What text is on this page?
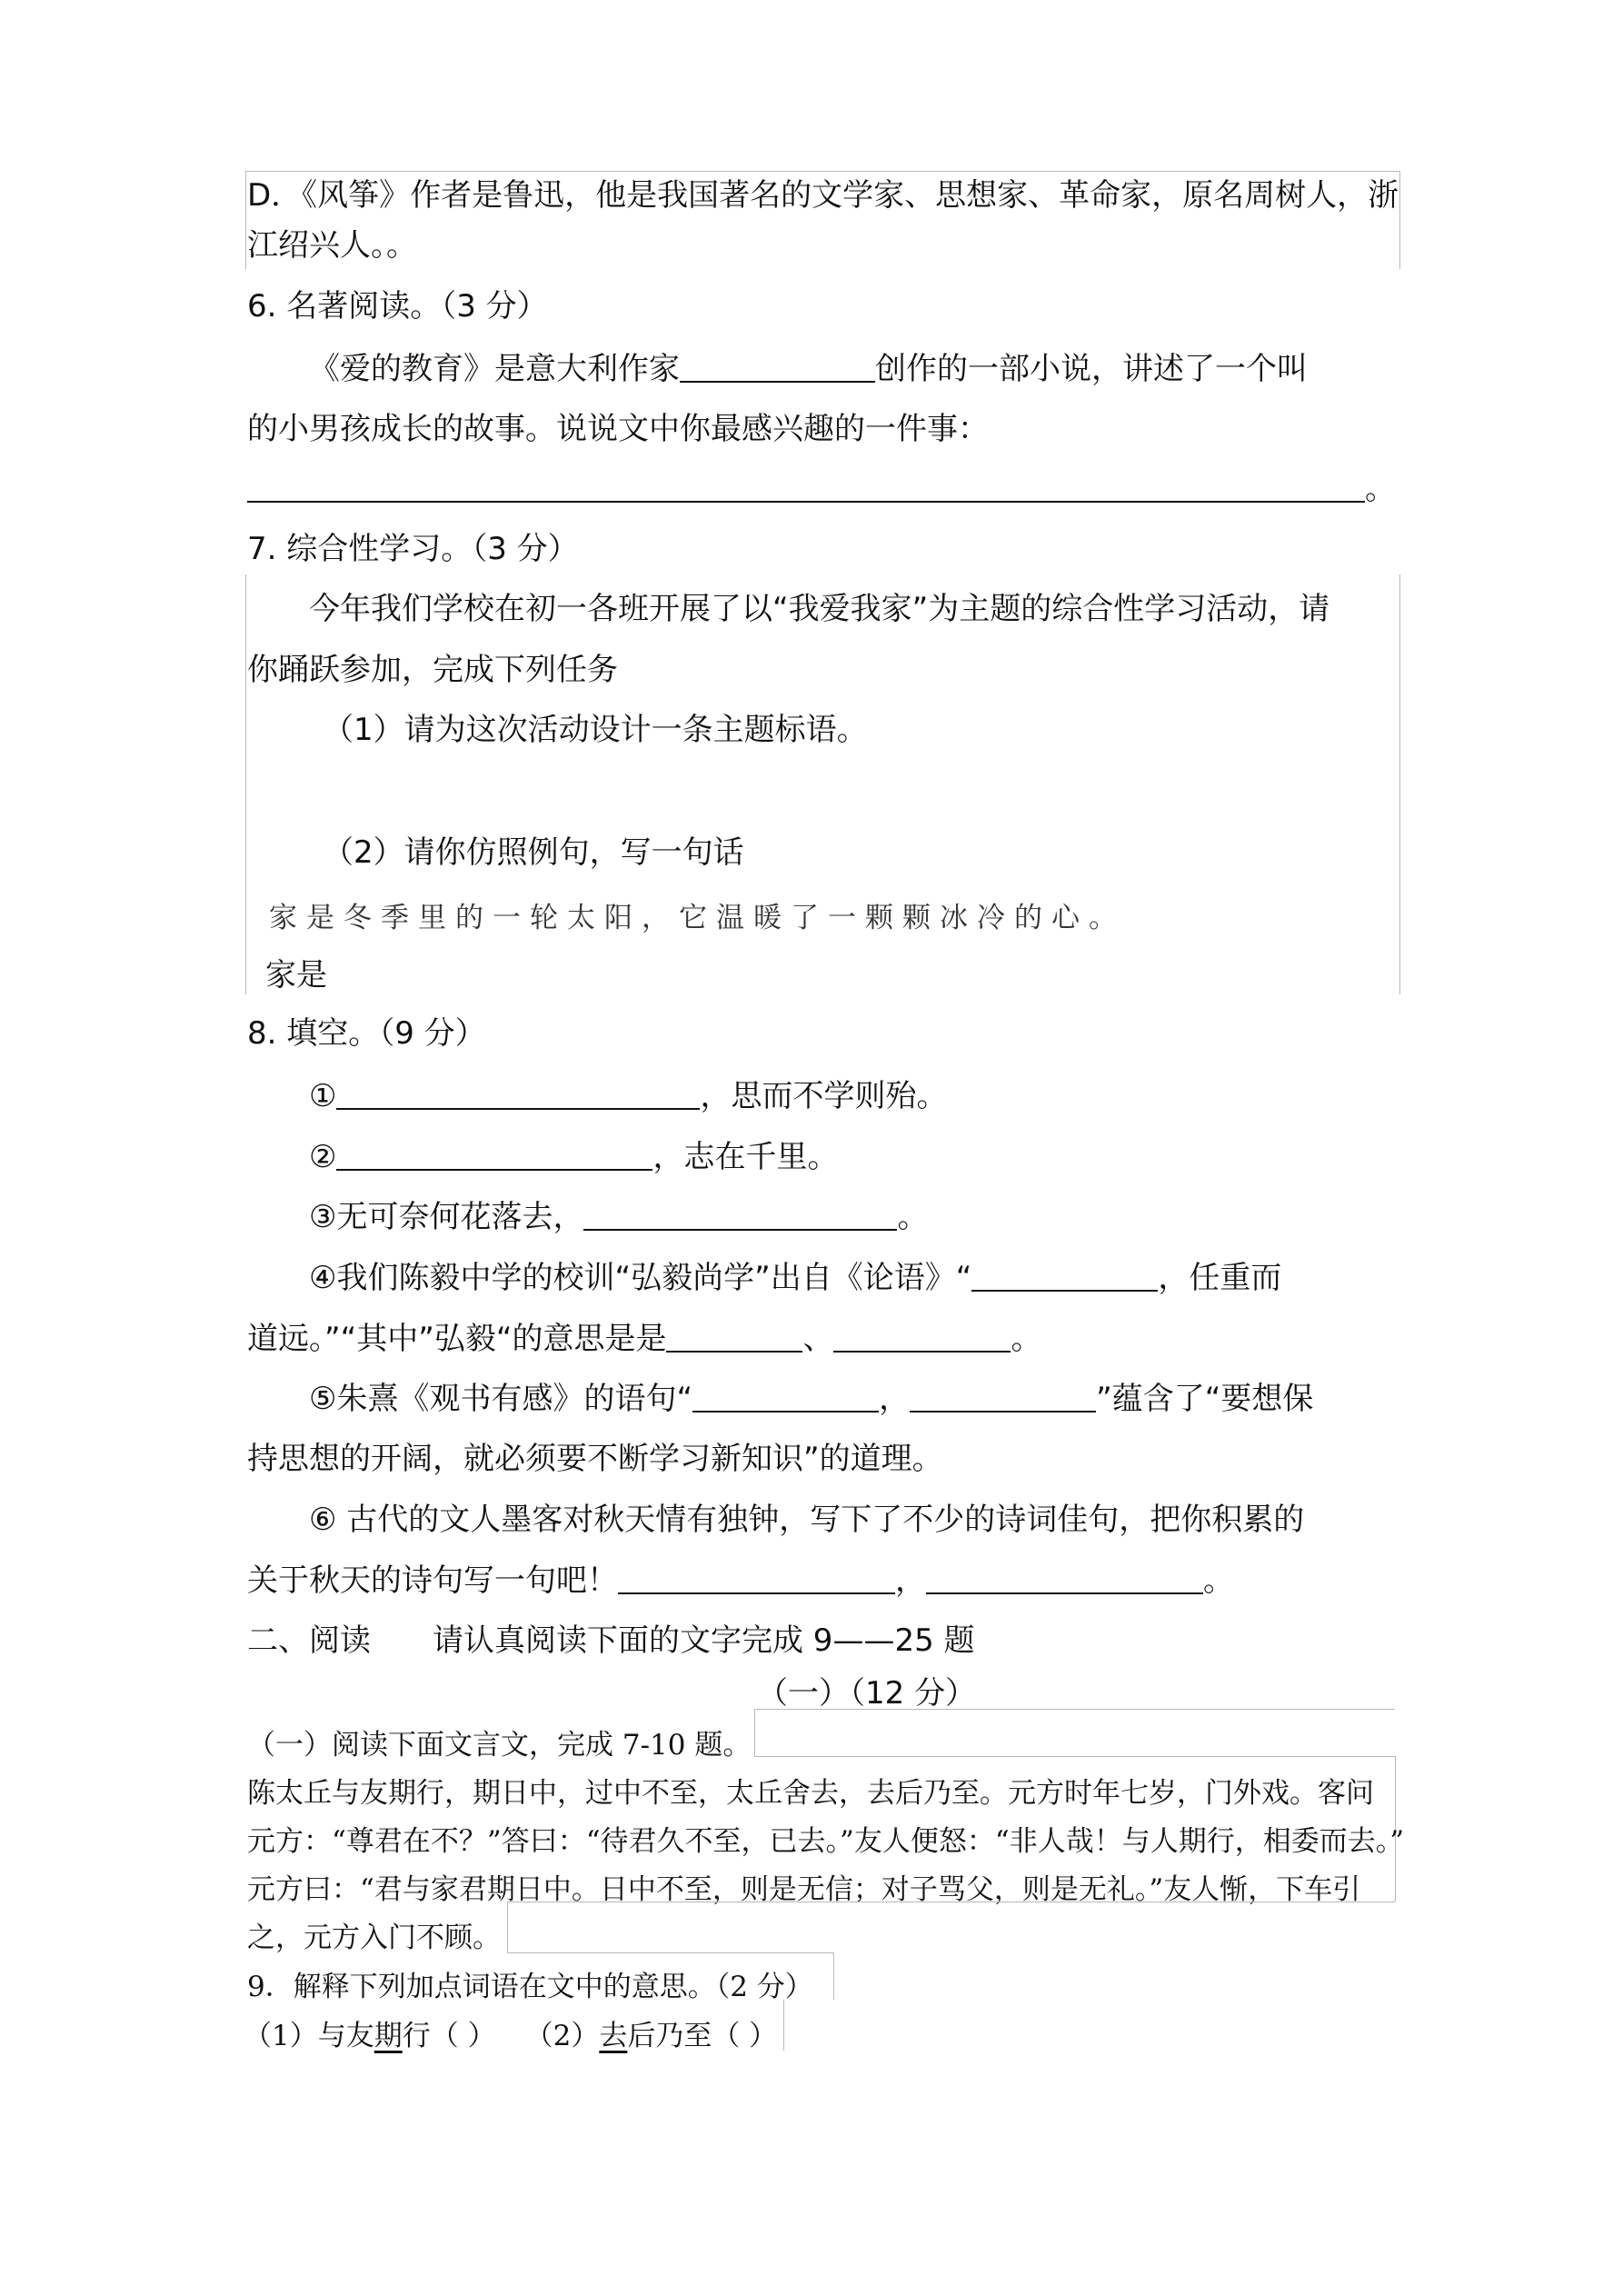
D．《风筝》作者是鲁迅，他是我国著名的文学家、思想家、革命家，原名周树人，浙
江绍兴人。。
6. 名著阅读。（3 分）
《爱的教育》是意大利作家	创作的一部小说，讲述了一个叫
的小男孩成长的故事。说说文中你最感兴趣的一件事：
。
7. 综合性学习。（3 分）
今年我们学校在初一各班开展了以“我爱我家”为主题的综合性学习活动，请
你踊跃参加，完成下列任务
（1）请为这次活动设计一条主题标语。
（2）请你仿照例句，写一句话
家是冬季里的一轮太阳，它温暖了一颗颗冰冷的心。
家是
8. 填空。（9 分）
①	，思而不学则殆。
②	，志在千里。
③无可奈何花落去，	。
④我们陈毅中学的校训“弘毅尚学”出自《论语》“	，任重而
道远。”“其中”弘毅“的意思是是	、	。
⑤朱熹《观书有感》的语句“	，	”蕴含了“要想保
持思想的开阔，就必须要不断学习新知识”的道理。
⑥ 古代的文人墨客对秋天情有独钟，写下了不少的诗词佳句，把你积累的
关于秋天的诗句写一句吧！	，	。
二、阅读　　请认真阅读下面的文字完成 9——25 题
（一）（12 分）
（一）阅读下面文言文，完成 7-10 题。
陈太丘与友期行，期日中，过中不至，太丘舍去，去后乃至。元方时年七岁，门外戏。客问
元方：“尊君在不？”答曰：“待君久不至，已去。”友人便怒：“非人哉！与人期行，相委而去。”
元方曰：“君与家君期日中。日中不至，则是无信；对子骂父，则是无礼。”友人惭，下车引
之，元方入门不顾。
9．解释下列加点词语在文中的意思。（2 分）
（1）与友期行（ ） （2）去后乃至（ ）
